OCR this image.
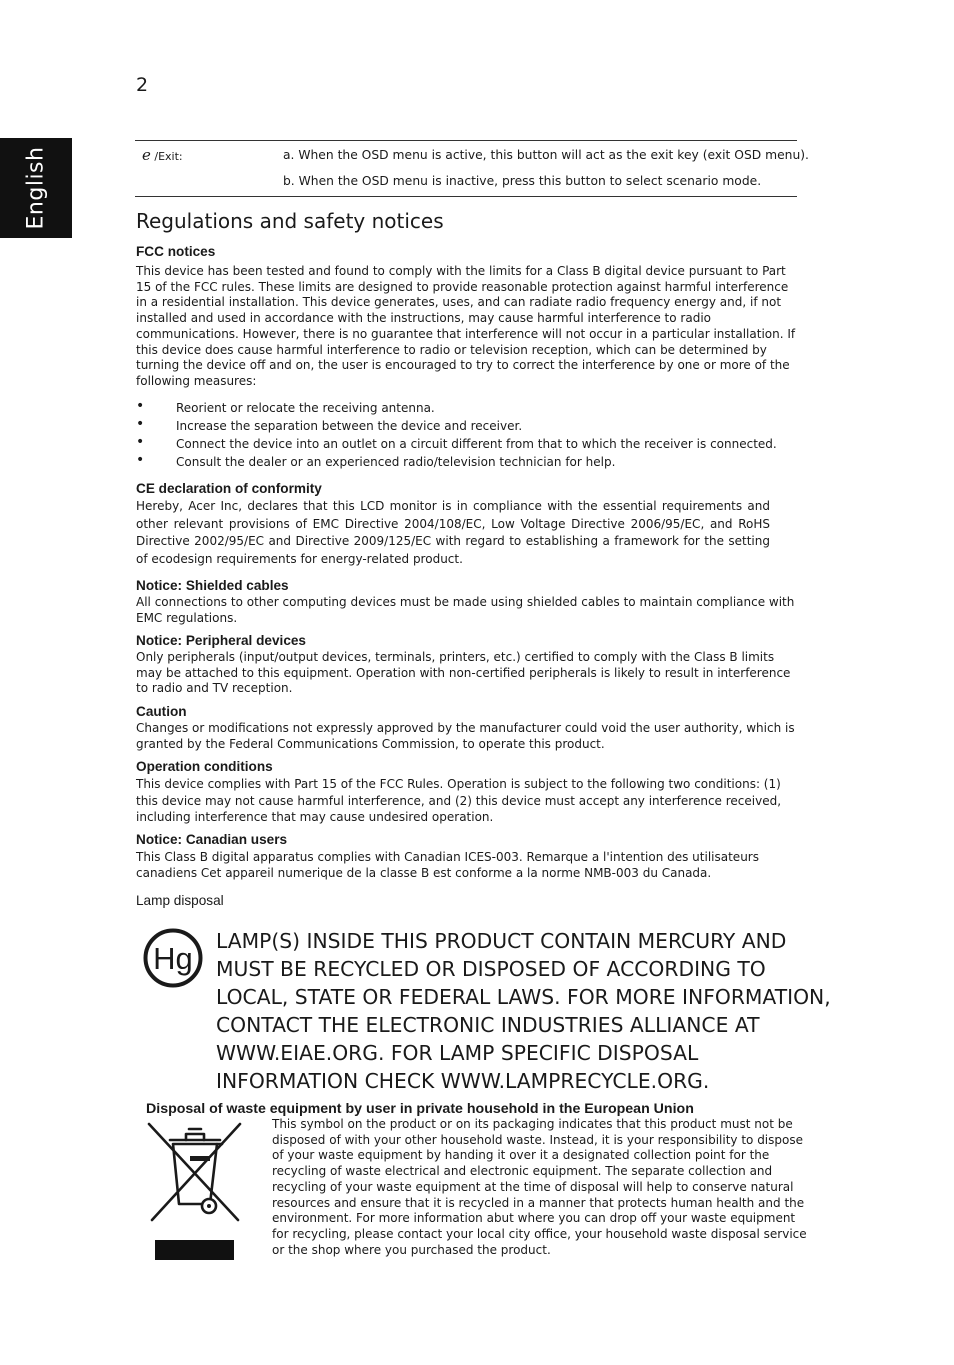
2
English	e /Exit:	a. When the OSD menu is active, this button will act as the exit key (exit OSD menu).
b. When the OSD menu is inactive, press this button to select scenario mode.
Regulations and safety notices
FCC notices
This device has been tested and found to comply with the limits for a Class B digital device pursuant to Part 15 of the FCC rules. These limits are designed to provide reasonable protection against harmful interference in a residential installation. This device generates, uses, and can radiate radio frequency energy and, if not installed and used in accordance with the instructions, may cause harmful interference to radio communications. However, there is no guarantee that interference will not occur in a particular installation. If this device does cause harmful interference to radio or television reception, which can be determined by turning the device off and on, the user is encouraged to try to correct the interference by one or more of the following measures:
•	Reorient or relocate the receiving antenna.
•	Increase the separation between the device and receiver.
•	Connect the device into an outlet on a circuit different from that to which the receiver is connected.
•	Consult the dealer or an experienced radio/television technician for help.
CE declaration of conformity
Hereby, Acer Inc, declares that this LCD monitor is in compliance with the essential requirements and other relevant provisions of EMC Directive 2004/108/EC, Low Voltage Directive 2006/95/EC, and RoHS Directive 2002/95/EC and Directive 2009/125/EC with regard to establishing a framework for the setting of ecodesign requirements for energy-related product.
Notice: Shielded cables
All connections to other computing devices must be made using shielded cables to maintain compliance with EMC regulations.
Notice: Peripheral devices
Only peripherals (input/output devices, terminals, printers, etc.) certified to comply with the Class B limits may be attached to this equipment. Operation with non-certified peripherals is likely to result in interference to radio and TV reception.
Caution
Changes or modifications not expressly approved by the manufacturer could void the user authority, which is granted by the Federal Communications Commission, to operate this product.
Operation conditions
This device complies with Part 15 of the FCC Rules. Operation is subject to the following two conditions: (1) this device may not cause harmful interference, and (2) this device must accept any interference received, including interference that may cause undesired operation.
Notice: Canadian users
This Class B digital apparatus complies with Canadian ICES-003. Remarque a l'intention des utilisateurs canadiens Cet appareil numerique de la classe B est conforme a la norme NMB-003 du Canada.
Lamp disposal
Hg LAMP(S) INSIDE THIS PRODUCT CONTAIN MERCURY AND MUST BE RECYCLED OR DISPOSED OF ACCORDING TO LOCAL, STATE OR FEDERAL LAWS. FOR MORE INFORMATION, CONTACT THE ELECTRONIC INDUSTRIES ALLIANCE AT WWW.EIAE.ORG. FOR LAMP SPECIFIC DISPOSAL INFORMATION CHECK WWW.LAMPRECYCLE.ORG.
Disposal of waste equipment by user in private household in the European Union
This symbol on the product or on its packaging indicates that this product must not be disposed of with your other household waste. Instead, it is your responsibility to dispose of your waste equipment by handing it over it a designated collection point for the recycling of waste electrical and electronic equipment. The separate collection and recycling of your waste equipment at the time of disposal will help to conserve natural resources and ensure that it is recycled in a manner that protects human health and the environment. For more information abut where you can drop off your waste equipment for recycling, please contact your local city office, your household waste disposal service or the shop where you purchased the product.
